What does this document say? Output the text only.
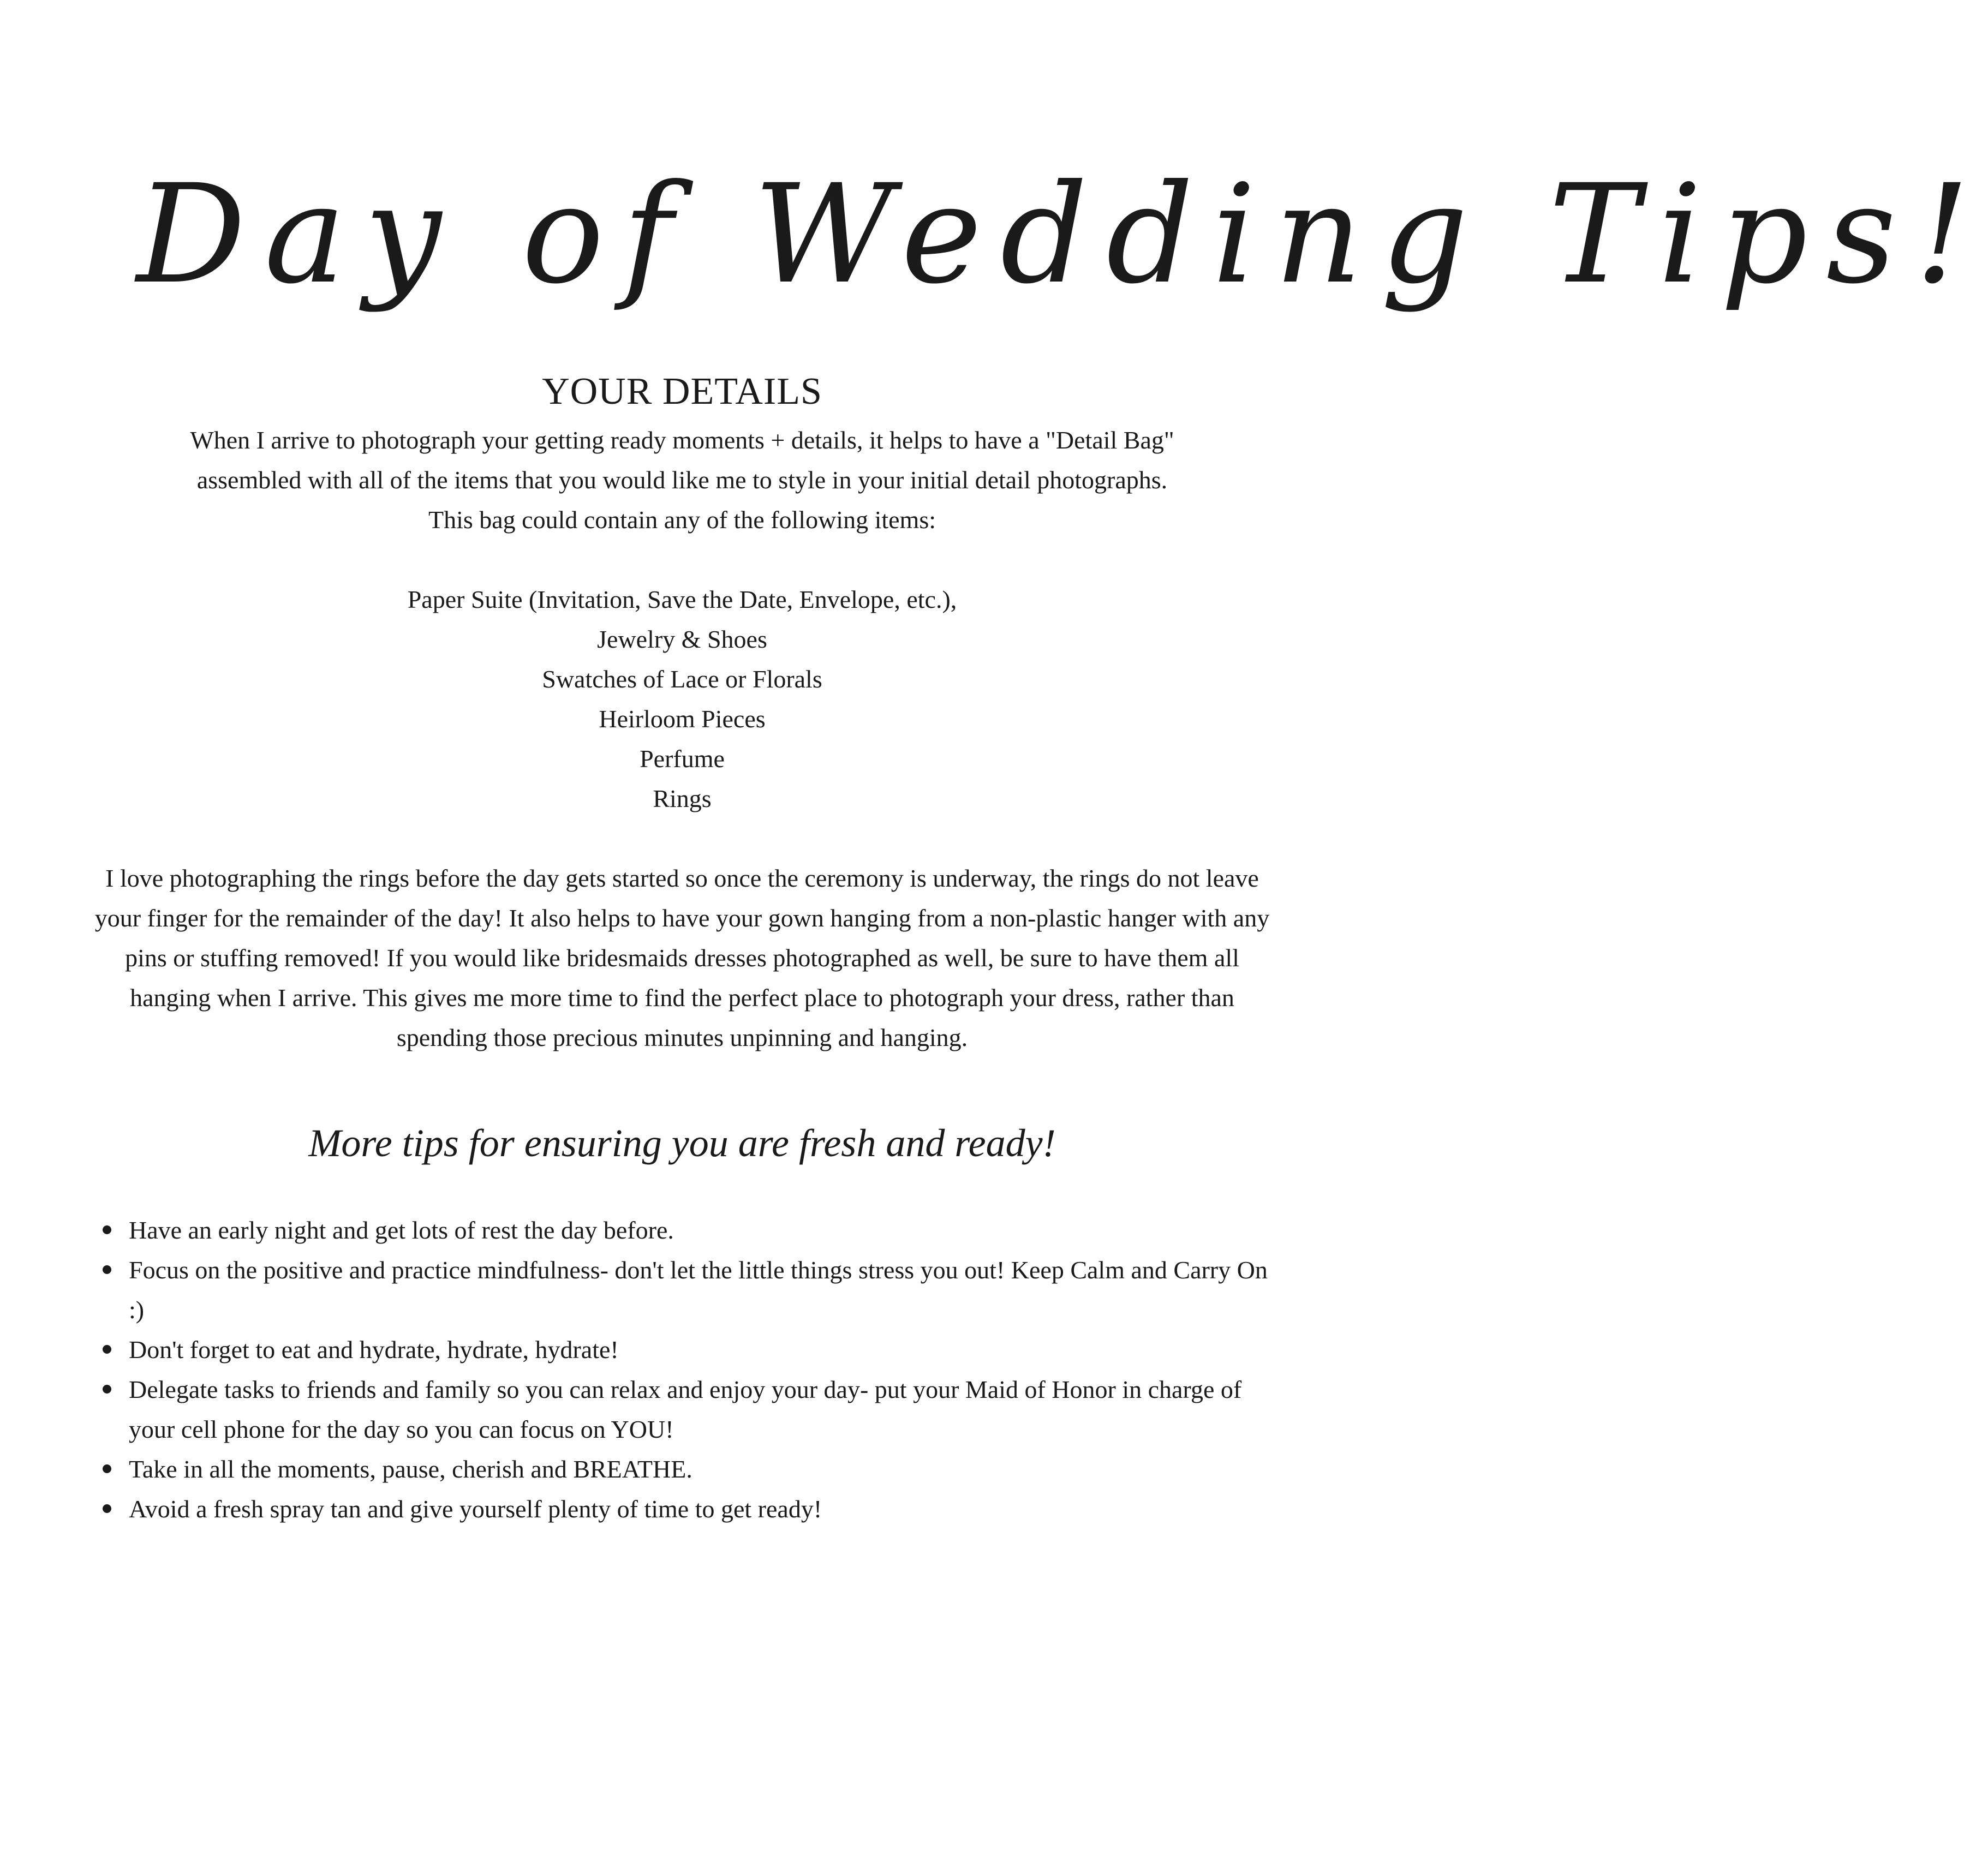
Day of Wedding Tips!
YOUR DETAILS

When I arrive to photograph your getting ready moments + details, it helps to have a "Detail Bag"

assembled with all of the items that you would like me to style in your initial detail photographs.

This bag could contain any of the following items:

Paper Suite (Invitation, Save the Date, Envelope, etc.),
Jewelry & Shoes
Swatches of Lace or Florals
Heirloom Pieces
Perfume
Rings

I love photographing the rings before the day gets started so once the ceremony is underway, the rings do not leave your finger for the remainder of the day! It also helps to have your gown hanging from a non-plastic hanger with any pins or stuffing removed! If you would like bridesmaids dresses photographed as well, be sure to have them all hanging when I arrive. This gives me more time to find the perfect place to photograph your dress, rather than spending those precious minutes unpinning and hanging.

More tips for ensuring you are fresh and ready!
Have an early night and get lots of rest the day before.
Focus on the positive and practice mindfulness- don't let the little things stress you out! Keep Calm and Carry On :)
Don't forget to eat and hydrate, hydrate, hydrate!
Delegate tasks to friends and family so you can relax and enjoy your day- put your Maid of Honor in charge of your cell phone for the day so you can focus on YOU!
Take in all the moments, pause, cherish and BREATHE.
Avoid a fresh spray tan and give yourself plenty of time to get ready!
